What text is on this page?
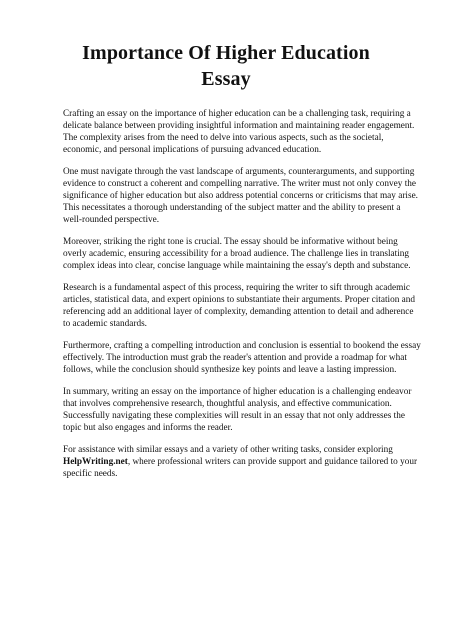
Importance Of Higher Education Essay

Crafting an essay on the importance of higher education can be a challenging task, requiring a delicate balance between providing insightful information and maintaining reader engagement. The complexity arises from the need to delve into various aspects, such as the societal, economic, and personal implications of pursuing advanced education.

One must navigate through the vast landscape of arguments, counterarguments, and supporting evidence to construct a coherent and compelling narrative. The writer must not only convey the significance of higher education but also address potential concerns or criticisms that may arise. This necessitates a thorough understanding of the subject matter and the ability to present a well-rounded perspective.

Moreover, striking the right tone is crucial. The essay should be informative without being overly academic, ensuring accessibility for a broad audience. The challenge lies in translating complex ideas into clear, concise language while maintaining the essay's depth and substance.

Research is a fundamental aspect of this process, requiring the writer to sift through academic articles, statistical data, and expert opinions to substantiate their arguments. Proper citation and referencing add an additional layer of complexity, demanding attention to detail and adherence to academic standards.

Furthermore, crafting a compelling introduction and conclusion is essential to bookend the essay effectively. The introduction must grab the reader's attention and provide a roadmap for what follows, while the conclusion should synthesize key points and leave a lasting impression.

In summary, writing an essay on the importance of higher education is a challenging endeavor that involves comprehensive research, thoughtful analysis, and effective communication. Successfully navigating these complexities will result in an essay that not only addresses the topic but also engages and informs the reader.

For assistance with similar essays and a variety of other writing tasks, consider exploring HelpWriting.net, where professional writers can provide support and guidance tailored to your specific needs.
